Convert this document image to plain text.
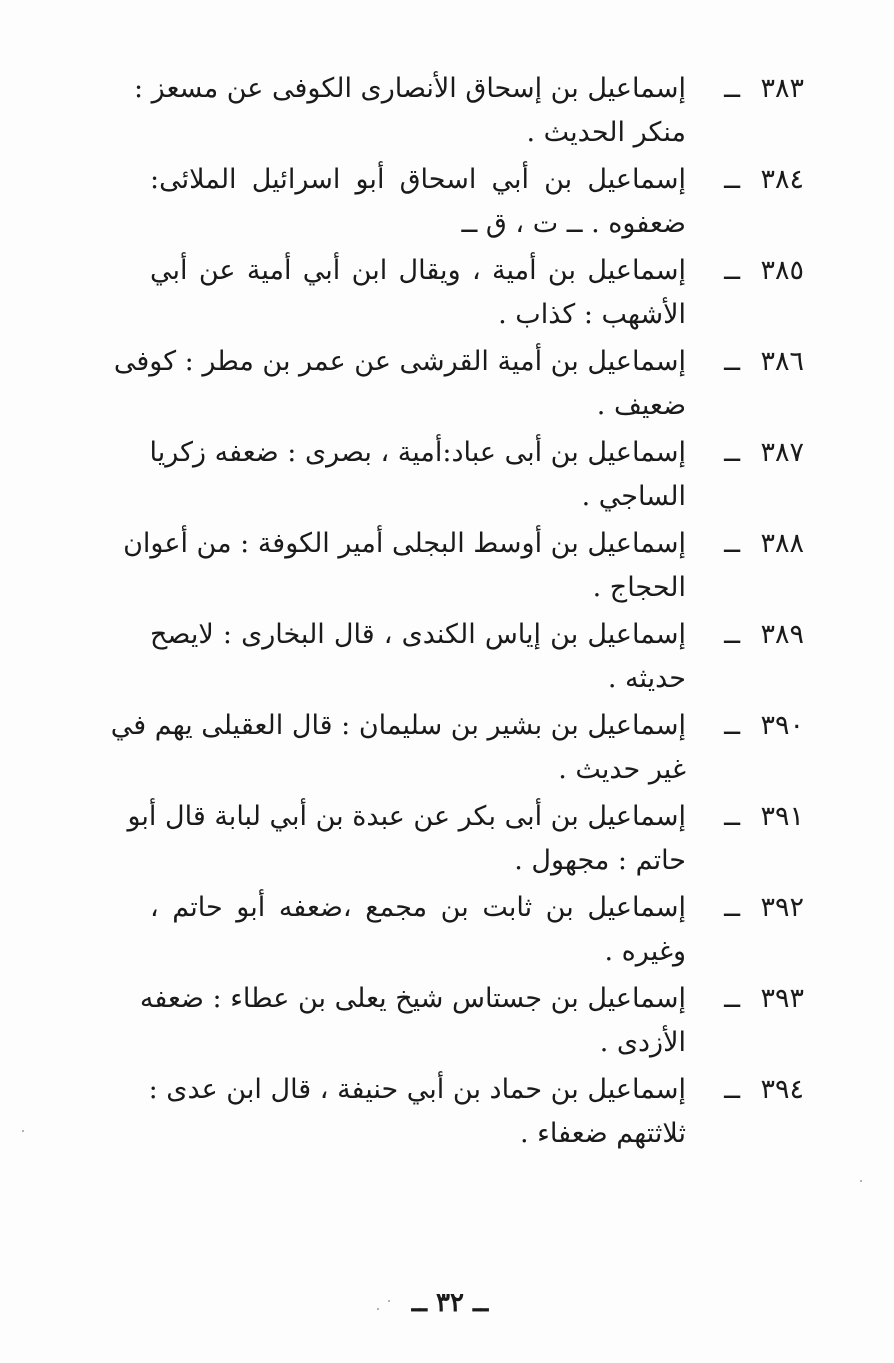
٣٨٣
ــ
إسماعيل بن إسحاق الأنصارى الكوفى عن مسعز :
منكر الحديث .
٣٨٤
ــ
إسماعيل بن أبي اسحاق أبو اسرائيل الملائى:
ضعفوه . ــ ت ، ق ــ
٣٨٥
ــ
إسماعيل بن أمية ، ويقال ابن أبي أمية عن أبي
الأشهب : كذاب .
٣٨٦
ــ
إسماعيل بن أمية القرشى عن عمر بن مطر : كوفى
ضعيف .
٣٨٧
ــ
إسماعيل بن أبى عباد:أمية ، بصرى : ضعفه زكريا
الساجي .
٣٨٨
ــ
إسماعيل بن أوسط البجلى أمير الكوفة : من أعوان
الحجاج .
٣٨٩
ــ
إسماعيل بن إياس الكندى ، قال البخارى : لايصح
حديثه .
٣٩٠
ــ
إسماعيل بن بشير بن سليمان : قال العقيلى يهم في
غير حديث .
٣٩١
ــ
إسماعيل بن أبى بكر عن عبدة بن أبي لبابة قال أبو
حاتم : مجهول .
٣٩٢
ــ
إسماعيل بن ثابت بن مجمع ،ضعفه أبو حاتم ،
وغيره .
٣٩٣
ــ
إسماعيل بن جستاس شيخ يعلى بن عطاء : ضعفه
الأزدى .
٣٩٤
ــ
إسماعيل بن حماد بن أبي حنيفة ، قال ابن عدى :
ثلاثتهم ضعفاء .
ــ ٣٢ ــ
